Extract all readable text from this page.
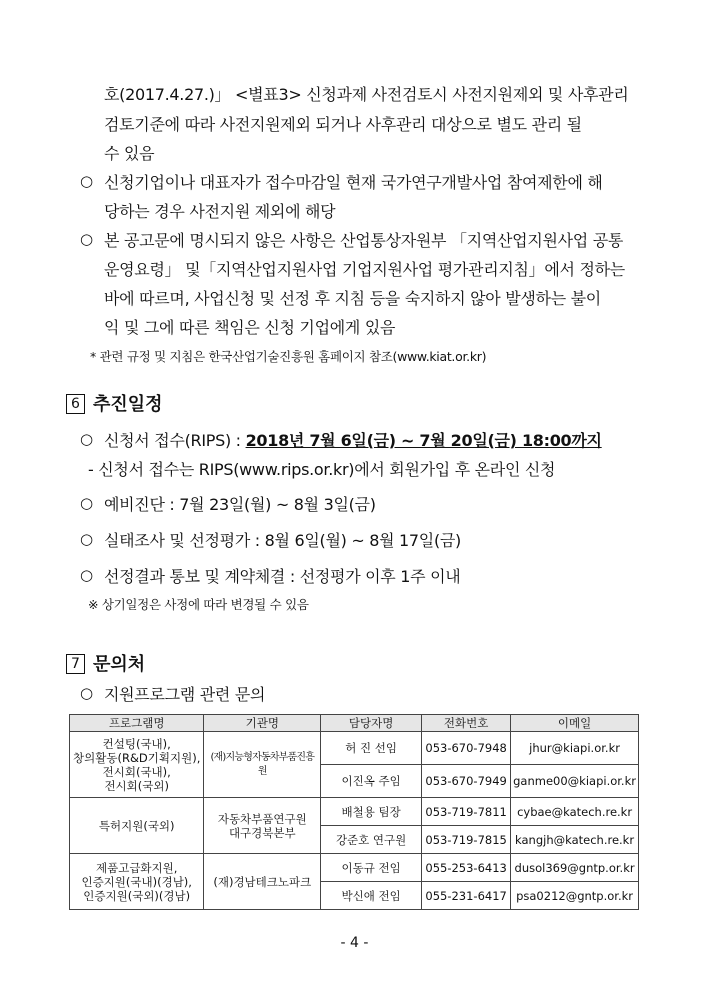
호(2017.4.27.)」 <별표3> 신청과제 사전검토시 사전지원제외 및 사후관리
검토기준에 따라 사전지원제외 되거나 사후관리 대상으로 별도 관리 될
수 있음
○ 신청기업이나 대표자가 접수마감일 현재 국가연구개발사업 참여제한에 해
당하는 경우 사전지원 제외에 해당
○ 본 공고문에 명시되지 않은 사항은 산업통상자원부 「지역산업지원사업 공통
운영요령」 및「지역산업지원사업 기업지원사업 평가관리지침」에서 정하는
바에 따르며, 사업신청 및 선정 후 지침 등을 숙지하지 않아 발생하는 불이
익 및 그에 따른 책임은 신청 기업에게 있음
* 관련 규정 및 지침은 한국산업기술진흥원 홈페이지 참조(www.kiat.or.kr)
6 추진일정
○ 신청서 접수(RIPS) : 2018년 7월 6일(금) ~ 7월 20일(금) 18:00까지
- 신청서 접수는 RIPS(www.rips.or.kr)에서 회원가입 후 온라인 신청
○ 예비진단 : 7월 23일(월) ~ 8월 3일(금)
○ 실태조사 및 선정평가 : 8월 6일(월) ~ 8월 17일(금)
○ 선정결과 통보 및 계약체결 : 선정평가 이후 1주 이내
※ 상기일정은 사정에 따라 변경될 수 있음
7 문의처
○ 지원프로그램 관련 문의
프로그램명	기관명	담당자명	전화번호	이메일
컨설팅(국내),
창의활동(R&D기획지원),
전시회(국내),
전시회(국외)	(재)지능형자동차부품진흥원	허 진 선임	053-670-7948	jhur@kiapi.or.kr
		이진옥 주임	053-670-7949	ganme00@kiapi.or.kr
특허지원(국외)	자동차부품연구원
대구경북본부	배철용 팀장	053-719-7811	cybae@katech.re.kr
		강준호 연구원	053-719-7815	kangjh@katech.re.kr
제품고급화지원,
인증지원(국내)(경남),
인증지원(국외)(경남)	(재)경남테크노파크	이동규 전임	055-253-6413	dusol369@gntp.or.kr
		박신애 전임	055-231-6417	psa0212@gntp.or.kr
- 4 -
